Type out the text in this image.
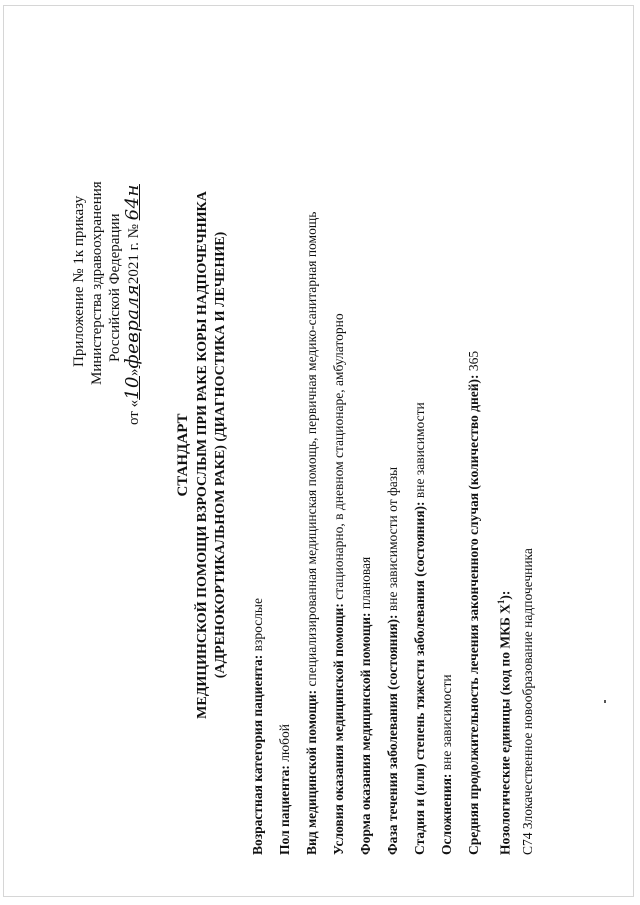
Приложение № 1к приказу Министерства здравоохранения Российской Федерации
от «10»февраля2021 г. № 64н
СТАНДАРТ МЕДИЦИНСКОЙ ПОМОЩИ ВЗРОСЛЫМ ПРИ РАКЕ КОРЫ НАДПОЧЕЧНИКА (АДРЕНОКОРТИКАЛЬНОМ РАКЕ) (ДИАГНОСТИКА И ЛЕЧЕНИЕ)
Возрастная категория пациента: взрослые
Пол пациента: любой Вид медицинской помощи: специализированная медицинская помощь, первичная медико-санитарная помощь
Условия оказания медицинской помощи: стационарно, в дневном стационаре, амбулаторно
Форма оказания медицинской помощи: плановая
Фаза течения заболевания (состояния): вне зависимости от фазы Стадия и (или) степень тяжести заболевания (состояния): вне зависимости
Осложнения: вне зависимости Средняя продолжительность лечения законченного случая (количество дней): 365
Нозологические единицы (код по МКБ $X^1$): C74 Злокачественное новообразование надпочечника
